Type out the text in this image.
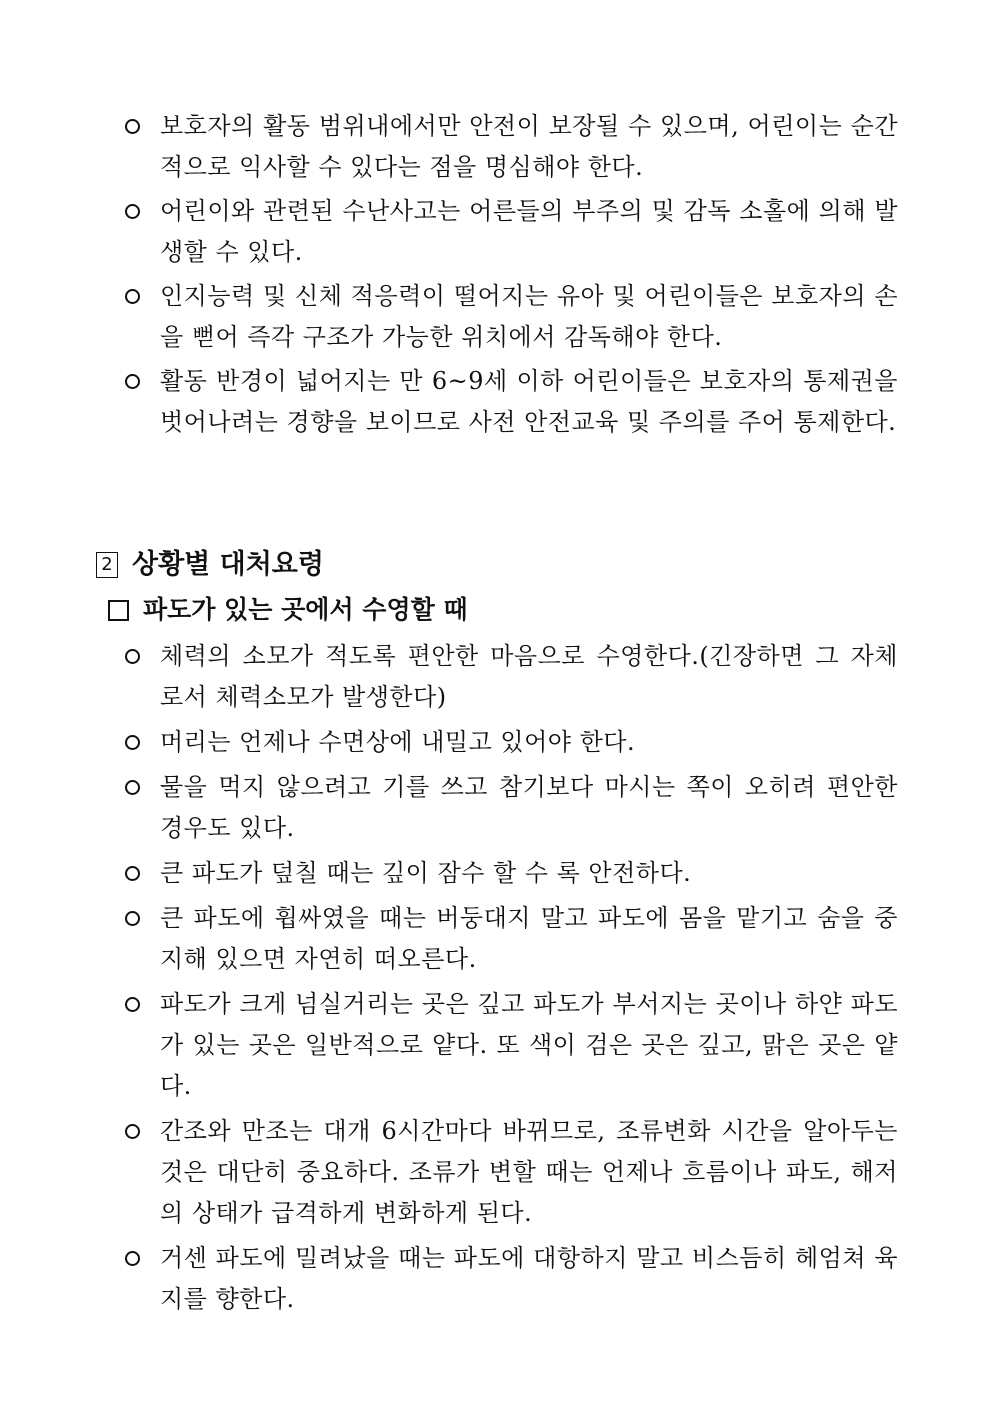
보호자의 활동 범위내에서만 안전이 보장될 수 있으며, 어린이는 순간적으로 익사할 수 있다는 점을 명심해야 한다.
어린이와 관련된 수난사고는 어른들의 부주의 및 감독 소홀에 의해 발생할 수 있다.
인지능력 및 신체 적응력이 떨어지는 유아 및 어린이들은 보호자의 손을 뻗어 즉각 구조가 가능한 위치에서 감독해야 한다.
활동 반경이 넓어지는 만 6~9세 이하 어린이들은 보호자의 통제권을 벗어나려는 경향을 보이므로 사전 안전교육 및 주의를 주어 통제한다.
2 상황별 대처요령
파도가 있는 곳에서 수영할 때
체력의 소모가 적도록 편안한 마음으로 수영한다.(긴장하면 그 자체로서 체력소모가 발생한다)
머리는 언제나 수면상에 내밀고 있어야 한다.
물을 먹지 않으려고 기를 쓰고 참기보다 마시는 쪽이 오히려 편안한 경우도 있다.
큰 파도가 덮칠 때는 깊이 잠수 할 수 록 안전하다.
큰 파도에 휩싸였을 때는 버둥대지 말고 파도에 몸을 맡기고 숨을 중지해 있으면 자연히 떠오른다.
파도가 크게 넘실거리는 곳은 깊고 파도가 부서지는 곳이나 하얀 파도가 있는 곳은 일반적으로 얕다. 또 색이 검은 곳은 깊고, 맑은 곳은 얕다.
간조와 만조는 대개 6시간마다 바뀌므로, 조류변화 시간을 알아두는 것은 대단히 중요하다. 조류가 변할 때는 언제나 흐름이나 파도, 해저의 상태가 급격하게 변화하게 된다.
거센 파도에 밀려났을 때는 파도에 대항하지 말고 비스듬히 헤엄쳐 육지를 향한다.
